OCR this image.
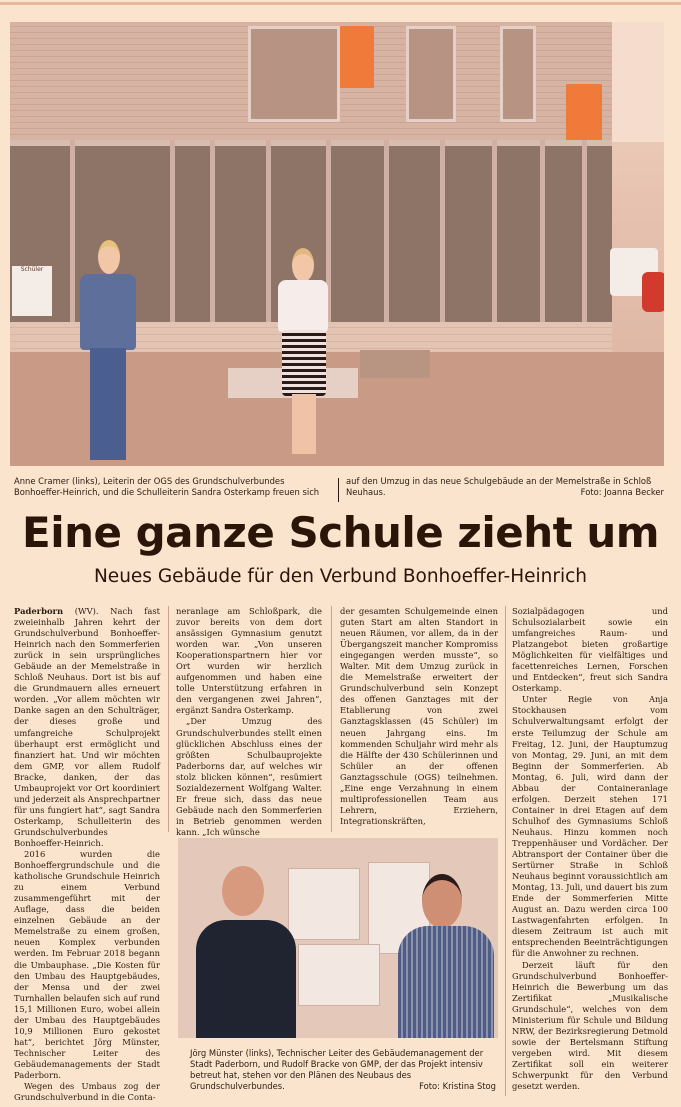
Schüler
Anne Cramer (links), Leiterin der OGS des Grundschulverbundes Bonhoeffer-Heinrich, und die Schulleiterin Sandra Osterkamp freuen sich
auf den Umzug in das neue Schulgebäude an der Memelstraße in Schloß Neuhaus.	Foto: Joanna Becker
Eine ganze Schule zieht um
Neues Gebäude für den Verbund Bonhoeffer-Heinrich

Paderborn (WV). Nach fast zweieinhalb Jahren kehrt der Grundschulverbund Bonhoeffer-Heinrich nach den Sommerferien zurück in sein ursprüngliches Gebäude an der Memelstraße in Schloß Neuhaus. Dort ist bis auf die Grundmauern alles erneuert worden. „Vor allem möchten wir Danke sagen an den Schulträger, der dieses große und umfangreiche Schulprojekt überhaupt erst ermöglicht und finanziert hat. Und wir möchten dem GMP, vor allem Rudolf Bracke, danken, der das Umbauprojekt vor Ort koordiniert und jederzeit als Ansprechpartner für uns fungiert hat“, sagt Sandra Osterkamp, Schulleiterin des Grundschulverbundes Bonhoeffer-Heinrich.

2016 wurden die Bonhoeffergrundschule und die katholische Grundschule Heinrich zu einem Verbund zusammengeführt mit der Auflage, dass die beiden einzelnen Gebäude an der Memelstraße zu einem großen, neuen Komplex verbunden werden. Im Februar 2018 begann die Umbauphase. „Die Kosten für den Umbau des Hauptgebäudes, der Mensa und der zwei Turnhallen belaufen sich auf rund 15,1 Millionen Euro, wobei allein der Umbau des Hauptgebäudes 10,9 Millionen Euro gekostet hat“, berichtet Jörg Münster, Technischer Leiter des Gebäudemanagements der Stadt Paderborn.

Wegen des Umbaus zog der Grundschulverbund in die Conta-

neranlage am Schloßpark, die zuvor bereits von dem dort ansässigen Gymnasium genutzt worden war. „Von unseren Kooperationspartnern hier vor Ort wurden wir herzlich aufgenommen und haben eine tolle Unterstützung erfahren in den vergangenen zwei Jahren“, ergänzt Sandra Osterkamp.

„Der Umzug des Grundschulverbundes stellt einen glücklichen Abschluss eines der größten Schulbauprojekte Paderborns dar, auf welches wir stolz blicken können“, resümiert Sozialdezernent Wolfgang Walter. Er freue sich, dass das neue Gebäude nach den Sommerferien in Betrieb genommen werden kann. „Ich wünsche

der gesamten Schulgemeinde einen guten Start am alten Standort in neuen Räumen, vor allem, da in der Übergangszeit mancher Kompromiss eingegangen werden musste“, so Walter. Mit dem Umzug zurück in die Memelstraße erweitert der Grundschulverbund sein Konzept des offenen Ganztages mit der Etablierung von zwei Ganztagsklassen (45 Schüler) im neuen Jahrgang eins. Im kommenden Schuljahr wird mehr als die Hälfte der 430 Schülerinnen und Schüler an der offenen Ganztagsschule (OGS) teilnehmen. „Eine enge Verzahnung in einem multiprofessionellen Team aus Lehrern, Erziehern, Integrationskräften,

Sozialpädagogen und Schulsozialarbeit sowie ein umfangreiches Raum- und Platzangebot bieten großartige Möglichkeiten für vielfältiges und facettenreiches Lernen, Forschen und Entdecken“, freut sich Sandra Osterkamp.

Unter Regie von Anja Stockhausen vom Schulverwaltungsamt erfolgt der erste Teilumzug der Schule am Freitag, 12. Juni, der Hauptumzug von Montag, 29. Juni, an mit dem Beginn der Sommerferien. Ab Montag, 6. Juli, wird dann der Abbau der Containeranlage erfolgen. Derzeit stehen 171 Container in drei Etagen auf dem Schulhof des Gymnasiums Schloß Neuhaus. Hinzu kommen noch Treppenhäuser und Vordächer. Der Abtransport der Container über die Sertürner Straße in Schloß Neuhaus beginnt voraussichtlich am Montag, 13. Juli, und dauert bis zum Ende der Sommerferien Mitte August an. Dazu werden circa 100 Lastwagenfahrten erfolgen. In diesem Zeitraum ist auch mit entsprechenden Beeinträchtigungen für die Anwohner zu rechnen.

Derzeit läuft für den Grundschulverbund Bonhoeffer-Heinrich die Bewerbung um das Zertifikat „Musikalische Grundschule“, welches von dem Ministerium für Schule und Bildung NRW, der Bezirksregierung Detmold sowie der Bertelsmann Stiftung vergeben wird. Mit diesem Zertifikat soll ein weiterer Schwerpunkt für den Verbund gesetzt werden.

Jörg Münster (links), Technischer Leiter des Gebäudemanagement der Stadt Paderborn, und Rudolf Bracke von GMP, der das Projekt intensiv betreut hat, stehen vor den Plänen des Neubaus des Grundschulverbundes.	Foto: Kristina Stog
